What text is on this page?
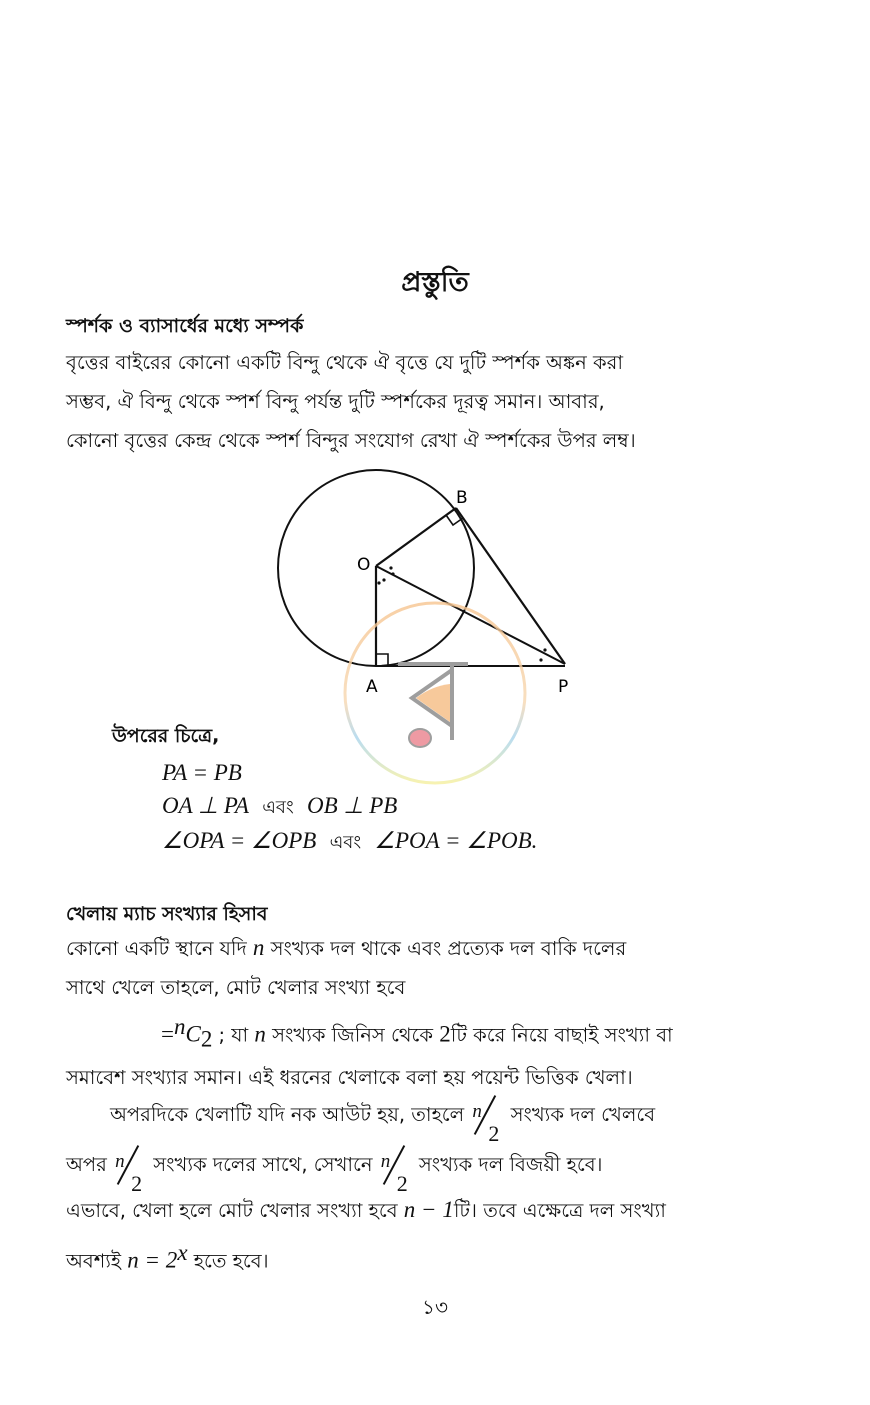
প্রস্তুতি
স্পর্শক ও ব্যাসার্ধের মধ্যে সম্পর্ক
বৃত্তের বাইরের কোনো একটি বিন্দু থেকে ঐ বৃত্তে যে দুটি স্পর্শক অঙ্কন করা
সম্ভব, ঐ বিন্দু থেকে স্পর্শ বিন্দু পর্যন্ত দুটি স্পর্শকের দূরত্ব সমান। আবার,
কোনো বৃত্তের কেন্দ্র থেকে স্পর্শ বিন্দুর সংযোগ রেখা ঐ স্পর্শকের উপর লম্ব।
O
B
A	P
উপরের চিত্রে,
PA = PB
OA ⊥ PA এবং OB ⊥ PB
∠OPA = ∠OPB এবং ∠POA = ∠POB.
খেলায় ম্যাচ সংখ্যার হিসাব
কোনো একটি স্থানে যদি n সংখ্যক দল থাকে এবং প্রত্যেক দল বাকি দলের
সাথে খেলে তাহলে, মোট খেলার সংখ্যা হবে
$=^nC_2$ ; যা n সংখ্যক জিনিস থেকে 2টি করে নিয়ে বাছাই সংখ্যা বা
সমাবেশ সংখ্যার সমান। এই ধরনের খেলাকে বলা হয় পয়েন্ট ভিত্তিক খেলা।
অপরদিকে খেলাটি যদি নক আউট হয়, তাহলে n
2
সংখ্যক দল খেলবে
অপর n
2
সংখ্যক দলের সাথে, সেখানে n
2
সংখ্যক দল বিজয়ী হবে।
এভাবে, খেলা হলে মোট খেলার সংখ্যা হবে n − 1টি। তবে এক্ষেত্রে দল সংখ্যা
অবশ্যই $n = 2^x$ হতে হবে।
১৩
